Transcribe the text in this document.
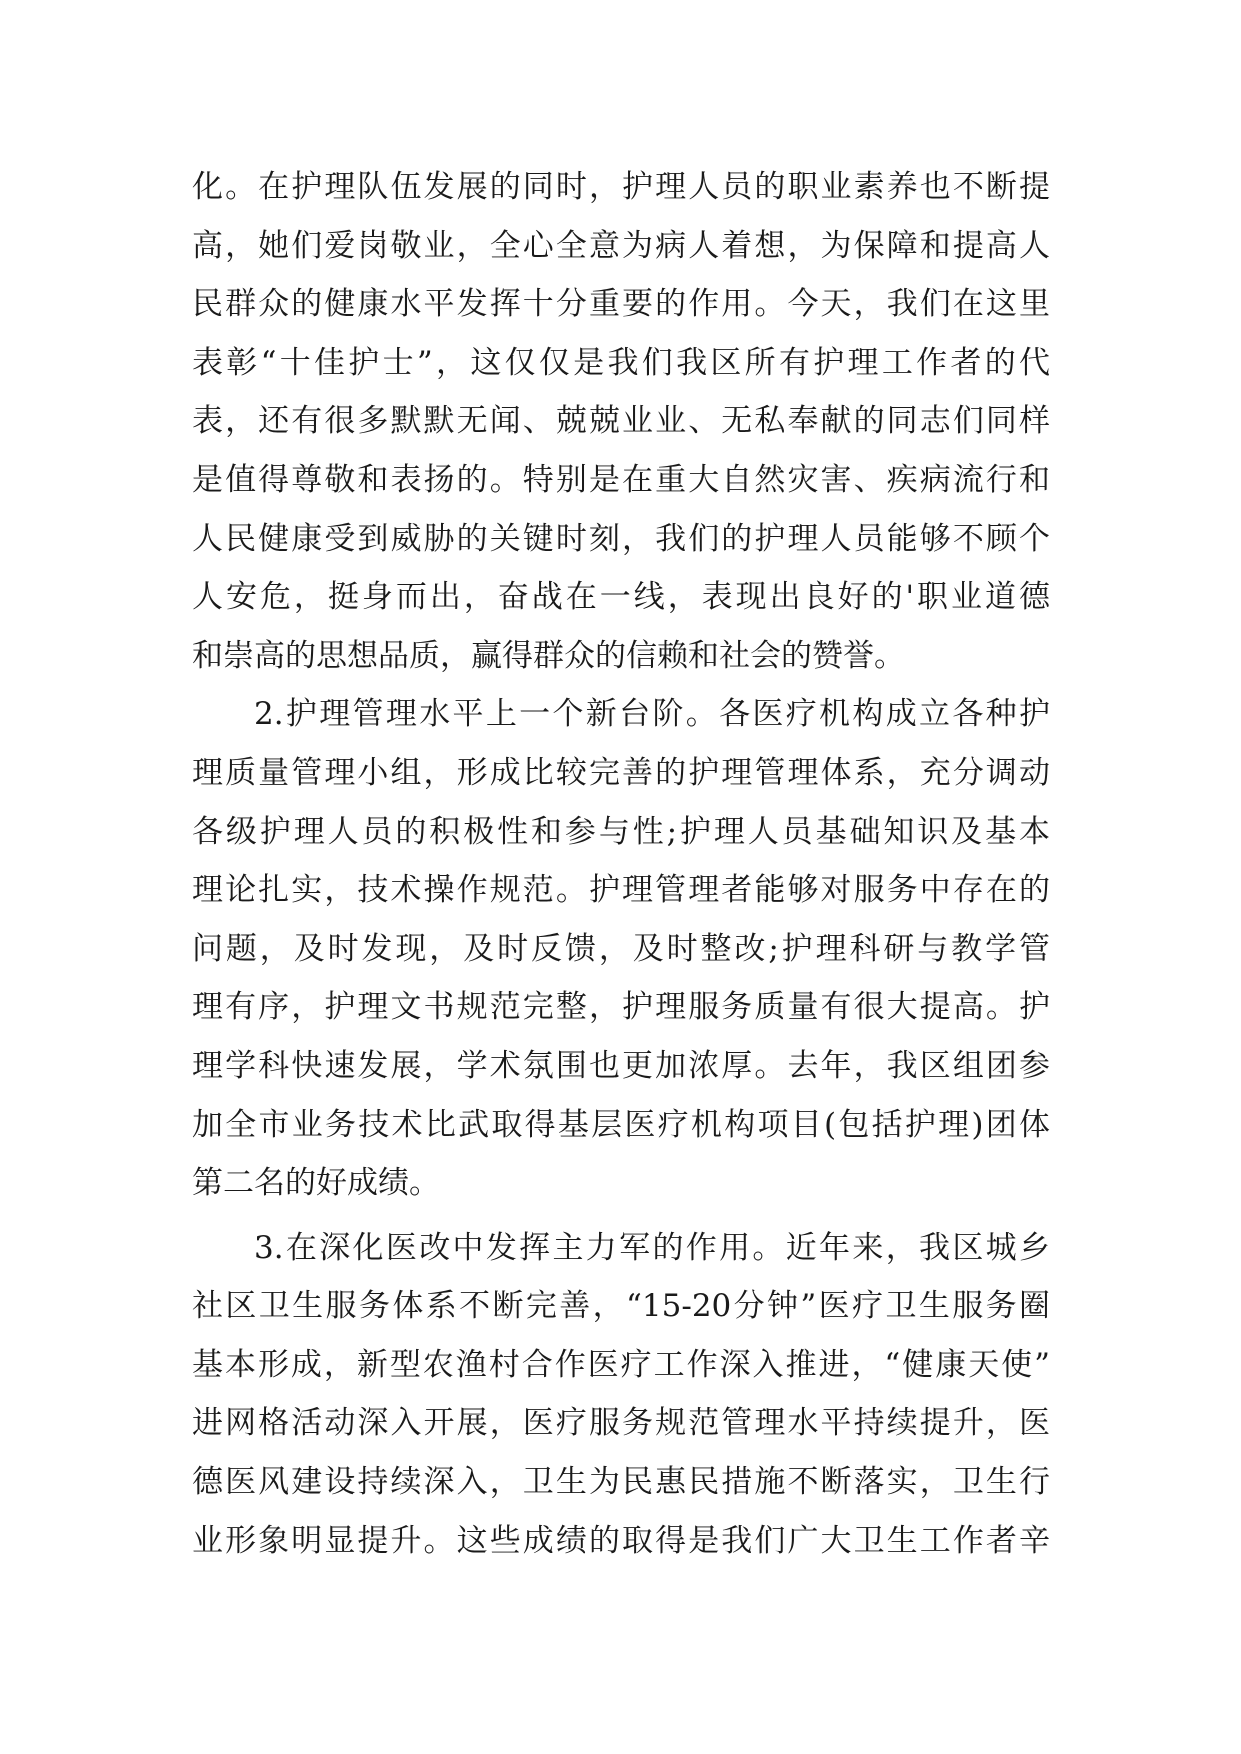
化。在护理队伍发展的同时，护理人员的职业素养也不断提
高，她们爱岗敬业，全心全意为病人着想，为保障和提高人
民群众的健康水平发挥十分重要的作用。今天，我们在这里
表彰“十佳护士”，这仅仅是我们我区所有护理工作者的代
表，还有很多默默无闻、兢兢业业、无私奉献的同志们同样
是值得尊敬和表扬的。特别是在重大自然灾害、疾病流行和
人民健康受到威胁的关键时刻，我们的护理人员能够不顾个
人安危，挺身而出，奋战在一线，表现出良好的'职业道德
和崇高的思想品质，赢得群众的信赖和社会的赞誉。
2.护理管理水平上一个新台阶。各医疗机构成立各种护
理质量管理小组，形成比较完善的护理管理体系，充分调动
各级护理人员的积极性和参与性;护理人员基础知识及基本
理论扎实，技术操作规范。护理管理者能够对服务中存在的
问题，及时发现，及时反馈，及时整改;护理科研与教学管
理有序，护理文书规范完整，护理服务质量有很大提高。护
理学科快速发展，学术氛围也更加浓厚。去年，我区组团参
加全市业务技术比武取得基层医疗机构项目(包括护理)团体
第二名的好成绩。
3.在深化医改中发挥主力军的作用。近年来，我区城乡
社区卫生服务体系不断完善，“15-20分钟”医疗卫生服务圈
基本形成，新型农渔村合作医疗工作深入推进，“健康天使”
进网格活动深入开展，医疗服务规范管理水平持续提升，医
德医风建设持续深入，卫生为民惠民措施不断落实，卫生行
业形象明显提升。这些成绩的取得是我们广大卫生工作者辛
